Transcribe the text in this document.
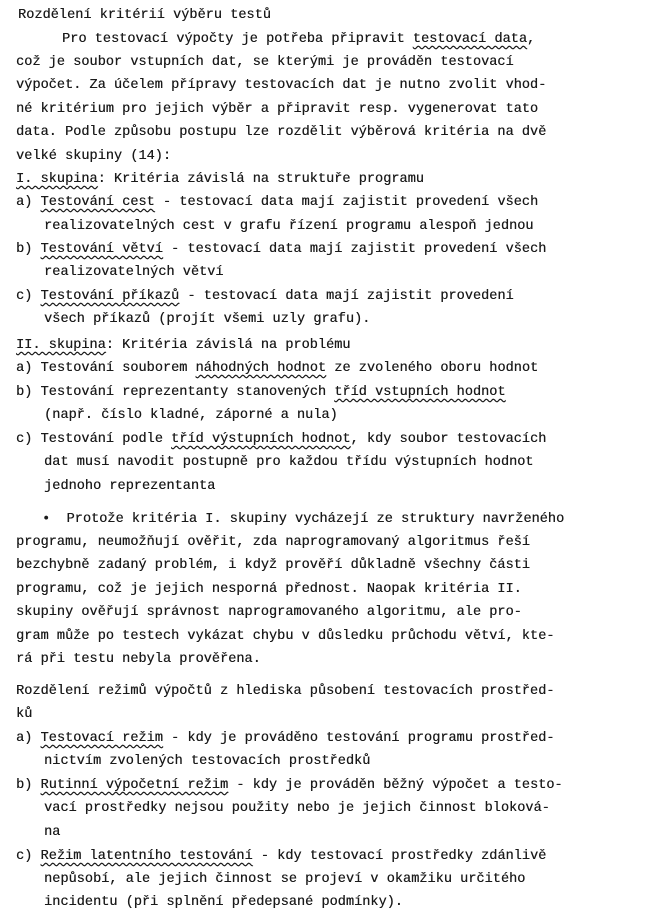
Rozdělení kritérií výběru testů
Pro testovací výpočty je potřeba připravit testovací data,
což je soubor vstupních dat, se kterými je prováděn testovací
výpočet. Za účelem přípravy testovacích dat je nutno zvolit vhod-
né kritérium pro jejich výběr a připravit resp. vygenerovat tato
data. Podle způsobu postupu lze rozdělit výběrová kritéria na dvě
velké skupiny (14):
I. skupina: Kritéria závislá na struktuře programu
a) Testování cest - testovací data mají zajistit provedení všech
realizovatelných cest v grafu řízení programu alespoň jednou
b) Testování větví - testovací data mají zajistit provedení všech
realizovatelných větví
c) Testování příkazů - testovací data mají zajistit provedení
všech příkazů (projít všemi uzly grafu).
II. skupina: Kritéria závislá na problému
a) Testování souborem náhodných hodnot ze zvoleného oboru hodnot
b) Testování reprezentanty stanovených tříd vstupních hodnot
(např. číslo kladné, záporné a nula)
c) Testování podle tříd výstupních hodnot, kdy soubor testovacích
dat musí navodit postupně pro každou třídu výstupních hodnot
jednoho reprezentanta
• Protože kritéria I. skupiny vycházejí ze struktury navrženého
programu, neumožňují ověřit, zda naprogramovaný algoritmus řeší
bezchybně zadaný problém, i když prověří důkladně všechny části
programu, což je jejich nesporná přednost. Naopak kritéria II.
skupiny ověřují správnost naprogramovaného algoritmu, ale pro-
gram může po testech vykázat chybu v důsledku průchodu větví, kte-
rá při testu nebyla prověřena.
Rozdělení režimů výpočtů z hlediska působení testovacích prostřed-
ků
a) Testovací režim - kdy je prováděno testování programu prostřed-
nictvím zvolených testovacích prostředků
b) Rutinní výpočetní režim - kdy je prováděn běžný výpočet a testo-
vací prostředky nejsou použity nebo je jejich činnost bloková-
na
c) Režim latentního testování - kdy testovací prostředky zdánlivě
nepůsobí, ale jejich činnost se projeví v okamžiku určitého
incidentu (při splnění předepsané podmínky).
